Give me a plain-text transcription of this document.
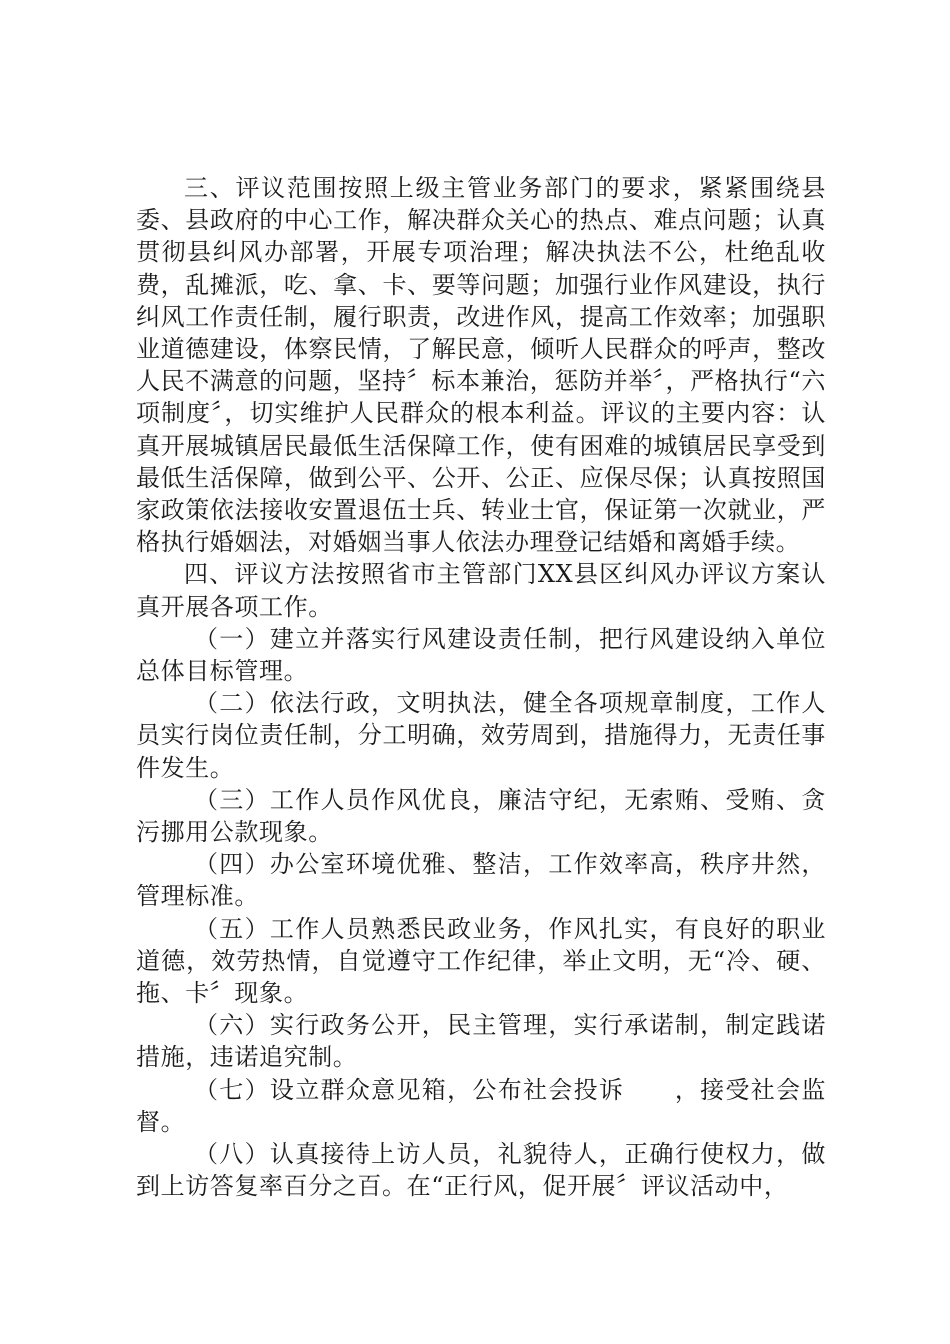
三、评议范围按照上级主管业务部门的要求，紧紧围绕县委、县政府的中心工作，解决群众关心的热点、难点问题；认真贯彻县纠风办部署，开展专项治理；解决执法不公，杜绝乱收费，乱摊派，吃、拿、卡、要等问题；加强行业作风建设，执行纠风工作责任制，履行职责，改进作风，提高工作效率；加强职业道德建设，体察民情，了解民意，倾听人民群众的呼声，整改人民不满意的问题，坚持〞标本兼治，惩防并举〞，严格执行“六项制度〞，切实维护人民群众的根本利益。评议的主要内容：认真开展城镇居民最低生活保障工作，使有困难的城镇居民享受到最低生活保障，做到公平、公开、公正、应保尽保；认真按照国家政策依法接收安置退伍士兵、转业士官，保证第一次就业，严格执行婚姻法，对婚姻当事人依法办理登记结婚和离婚手续。

四、评议方法按照省市主管部门XX县区纠风办评议方案认真开展各项工作。

（一）建立并落实行风建设责任制，把行风建设纳入单位总体目标管理。

（二）依法行政，文明执法，健全各项规章制度，工作人员实行岗位责任制，分工明确，效劳周到，措施得力，无责任事件发生。

（三）工作人员作风优良，廉洁守纪，无索贿、受贿、贪污挪用公款现象。

（四）办公室环境优雅、整洁，工作效率高，秩序井然，管理标准。

（五）工作人员熟悉民政业务，作风扎实，有良好的职业道德，效劳热情，自觉遵守工作纪律，举止文明，无“冷、硬、拖、卡〞现象。

（六）实行政务公开，民主管理，实行承诺制，制定践诺措施，违诺追究制。

（七）设立群众意见箱，公布社会投诉　　，接受社会监督。

（八）认真接待上访人员，礼貌待人，正确行使权力，做到上访答复率百分之百。在“正行风，促开展〞评议活动中，
